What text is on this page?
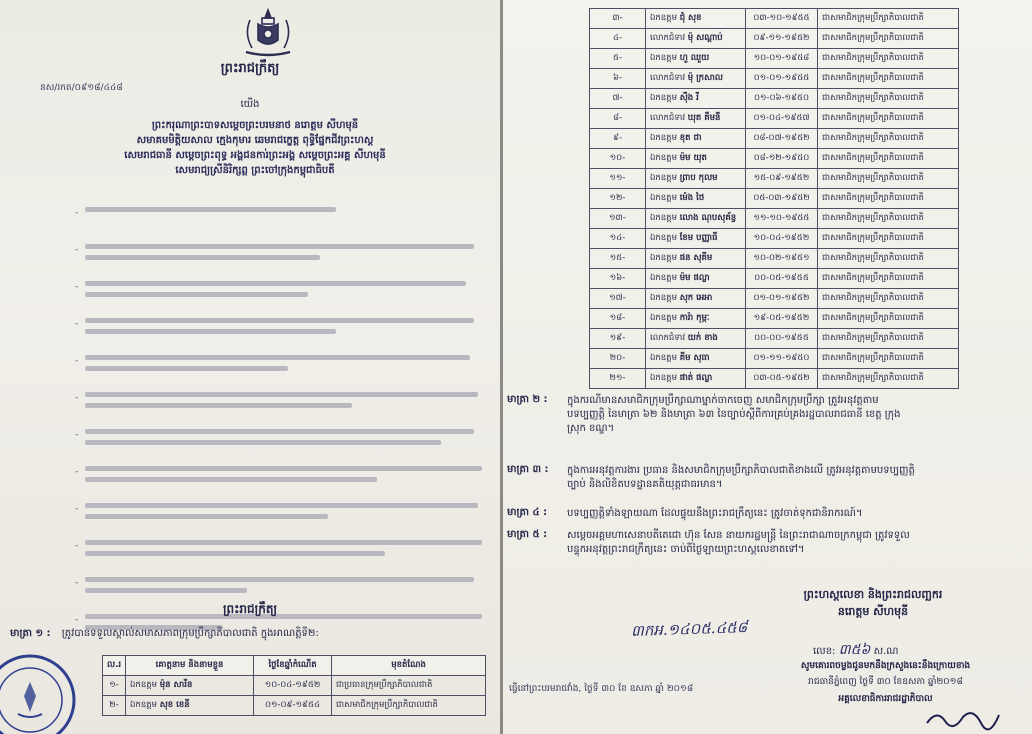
ព្រះរាជក្រឹត្យ
នស/រកត/០៩១៨/៤៤៨
យើង
ព្រះករុណាព្រះបាទសម្តេចព្រះបរមនាថ នរោត្តម សីហមុនី
សមាគមមិត្តិយសាល ក្មេងកុមារ ឆេមរាជក្ខេត្ត ពុទ្ធិផ្នែកជីវព្រះហស្ត
សេមរាជធានី សម្តេចព្រះពុទ្ធ អង្គជនការ់ព្រះអង្គ សម្តេចព្រះអគ្គ សីហមុនី
សេមរាជ្យស្រីនិរិក្សព្ព ព្រះចៅក្រុងកម្ពុជាធិបតី
-
-
-
-
-
-
-
-
-
-
-
-
ព្រះរាជក្រឹត្យ
មាត្រា ១ : ត្រូវបានទទួលស្គាល់សមាសភាពក្រុមប្រឹក្សាភិបាលជាតិ ក្នុងអាណត្តិទី២:
ល.រ	គោត្តនាម និងនាមខ្លួន	ថ្ងៃខែឆ្នាំកំណើត	មុខតំណែង
១-	ឯកឧត្តម ម៉ុន សារីន	១០-០៤-១៩៥២	ជាប្រធានក្រុមប្រឹក្សាភិបាលជាតិ
២-	ឯកឧត្តម សុខ ខេនី	០១-០៩-១៩៥៤	ជាសមាជិកក្រុមប្រឹក្សាភិបាលជាតិ
៣-	ឯកឧត្តម ជុំ សុខ	០៣-១០-១៩៥៥	ជាសមាជិកក្រុមប្រឹក្សាភិបាលជាតិ
៤-	លោកជំទាវ ម៉ុ សណ្ដាប់	០៩-១១-១៩៥២	ជាសមាជិកក្រុមប្រឹក្សាភិបាលជាតិ
៥-	ឯកឧត្តម ហួ ឈួយ	១០-០១-១៩៥៨	ជាសមាជិកក្រុមប្រឹក្សាភិបាលជាតិ
៦-	លោកជំទាវ ម៉ុ ក្រសាល	០១-០១-១៩៥៥	ជាសមាជិកក្រុមប្រឹក្សាភិបាលជាតិ
៧-	ឯកឧត្តម ស៊ឹង រី	០១-០៦-១៩៥០	ជាសមាជិកក្រុមប្រឹក្សាភិបាលជាតិ
៨-	លោកជំទាវ ឃុត គឹមនី	០១-០៤-១៩៥៧	ជាសមាជិកក្រុមប្រឹក្សាភិបាលជាតិ
៩-	ឯកឧត្តម ខុត ជា	០៨-០៧-១៩៥២	ជាសមាជិកក្រុមប្រឹក្សាភិបាលជាតិ
១០-	ឯកឧត្តម ម៉ម យុត	០៨-១២-១៩៥០	ជាសមាជិកក្រុមប្រឹក្សាភិបាលជាតិ
១១-	ឯកឧត្តម ព្រាប កុលម	១៥-០៩-១៩៥២	ជាសមាជិកក្រុមប្រឹក្សាភិបាលជាតិ
១២-	ឯកឧត្តម ម៉េង ថៃ	០៥-០៣-១៩៥២	ជាសមាជិកក្រុមប្រឹក្សាភិបាលជាតិ
១៣-	ឯកឧត្តម លោង ណុបសុគ័ន្ធ	១១-១០-១៩៥៥	ជាសមាជិកក្រុមប្រឹក្សាភិបាលជាតិ
១៤-	ឯកឧត្តម ខែម បញ្ញាធី	១០-០៤-១៩៥២	ជាសមាជិកក្រុមប្រឹក្សាភិបាលជាតិ
១៥-	ឯកឧត្តម ផន សុគីម	១០-០២-១៩៥១	ជាសមាជិកក្រុមប្រឹក្សាភិបាលជាតិ
១៦-	ឯកឧត្តម ម៉ម ផល្លា	០០-០៥-១៩៥៥	ជាសមាជិកក្រុមប្រឹក្សាភិបាលជាតិ
១៧-	ឯកឧត្តម សុក អេអា	០១-០១-១៩៥២	ជាសមាជិកក្រុមប្រឹក្សាភិបាលជាតិ
១៨-	ឯកឧត្តម ការ៉ា កុម្ភៈ	១៩-០៥-១៩៥២	ជាសមាជិកក្រុមប្រឹក្សាភិបាលជាតិ
១៩-	លោកជំទាវ យក់ ខាង	០០-០០-១៩៥៥	ជាសមាជិកក្រុមប្រឹក្សាភិបាលជាតិ
២០-	ឯកឧត្តម គីម សុធា	០១-១១-១៩៥០	ជាសមាជិកក្រុមប្រឹក្សាភិបាលជាតិ
២១-	ឯកឧត្តម ផាត់ ផល្លា	០៣-០៥-១៩៥២	ជាសមាជិកក្រុមប្រឹក្សាភិបាលជាតិ
មាត្រា ២ : ក្នុងករណីមានសមាជិកក្រុមប្រឹក្សាណាម្នាក់ចាកចេញ សមាជិកក្រុមប្រឹក្សា ត្រូវអនុវត្តតាម
បទប្បញ្ញត្តិ នៃមាត្រា ៦២ និងមាត្រា ៦៣ នៃច្បាប់ស្ដីពីការគ្រប់គ្រងរដ្ឋបាលរាជធានី ខេត្ត ក្រុង
ស្រុក ខណ្ឌ។
មាត្រា ៣ : ក្នុងការអនុវត្តការងារ ប្រធាន និងសមាជិកក្រុមប្រឹក្សាភិបាលជាតិខាងលើ ត្រូវអនុវត្តតាមបទប្បញ្ញត្តិ
ច្បាប់ និងលិខិតបទដ្ឋានគតិយុត្តជាធរមាន។
មាត្រា ៤ : បទប្បញ្ញត្តិទាំងឡាយណា ដែលផ្ទុយនឹងព្រះរាជក្រឹត្យនេះ ត្រូវចាត់ទុកជានិរាករណ៍។
មាត្រា ៥ : សម្តេចអគ្គមហាសេនាបតីតេជោ ហ៊ុន សែន នាយករដ្ឋមន្ត្រី នៃព្រះរាជាណាចក្រកម្ពុជា ត្រូវទទួល
បន្ទុកអនុវត្តព្រះរាជក្រឹត្យនេះ ចាប់ពីថ្ងៃឡាយព្រះហស្តលេខាតទៅ។
ព្រះហស្តលេខា និងព្រះរាជលញ្ឆករ
នរោត្តម សីហមុនី
៣កអ.១៤០៥.៤៥៨
លេខ: ៣៥៦ ស.ណ
សូមគោរពចម្លងជូនមកនឹងក្រសួងនេះនឹងក្រោយខាង
រាជធានីភ្នំពេញ ថ្ងៃទី ៣០ ខែឧសភា ឆ្នាំ២០១៨
ធ្វើនៅព្រះបរមរាជវាំង, ថ្ងៃទី ៣០ ខែ ឧសភា ឆ្នាំ ២០១៨
អគ្គលេខាធិការរាជរដ្ឋាភិបាល
